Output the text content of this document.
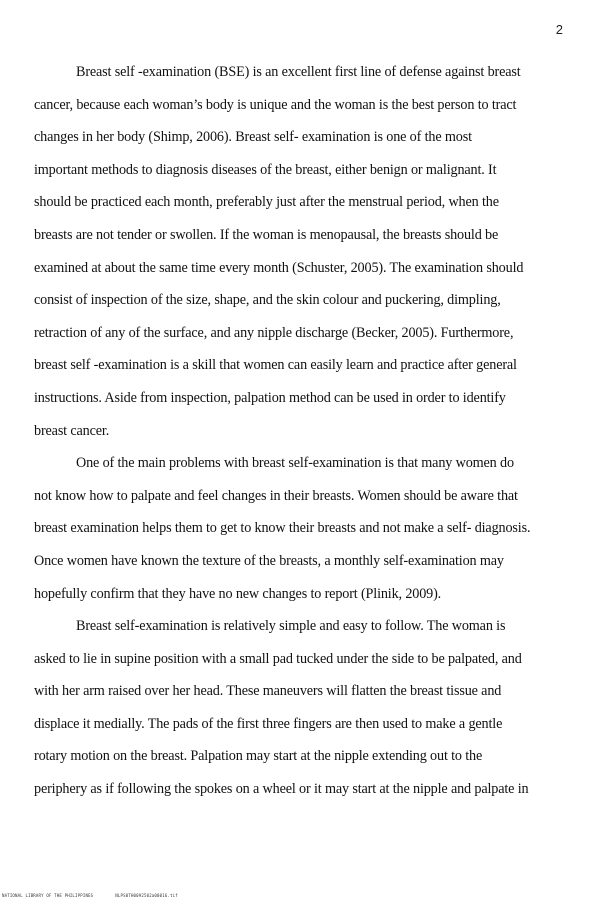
2
Breast self -examination (BSE) is an excellent first line of defense against breast
cancer, because each woman’s body is unique and the woman is the best person to tract
changes in her body (Shimp, 2006). Breast self- examination is one of the most
important methods to diagnosis diseases of the breast, either benign or malignant. It
should be practiced each month, preferably just after the menstrual period, when the
breasts are not tender or swollen. If the woman is menopausal, the breasts should be
examined at about the same time every month (Schuster, 2005). The examination should
consist of inspection of the size, shape, and the skin colour and puckering, dimpling,
retraction of any of the surface, and any nipple discharge (Becker, 2005). Furthermore,
breast self -examination is a skill that women can easily learn and practice after general
instructions. Aside from inspection, palpation method can be used in order to identify
breast cancer.
One of the main problems with breast self-examination is that many women do
not know how to palpate and feel changes in their breasts. Women should be aware that
breast examination helps them to get to know their breasts and not make a self- diagnosis.
Once women have known the texture of the breasts, a monthly self-examination may
hopefully confirm that they have no new changes to report (Plinik, 2009).
Breast self-examination is relatively simple and easy to follow. The woman is
asked to lie in supine position with a small pad tucked under the side to be palpated, and
with her arm raised over her head. These maneuvers will flatten the breast tissue and
displace it medially. The pads of the first three fingers are then used to make a gentle
rotary motion on the breast. Palpation may start at the nipple extending out to the
periphery as if following the spokes on a wheel or it may start at the nipple and palpate in
NATIONAL LIBRARY OF THE PHILIPPINES	NLPS0TH0092502a00016.tif
